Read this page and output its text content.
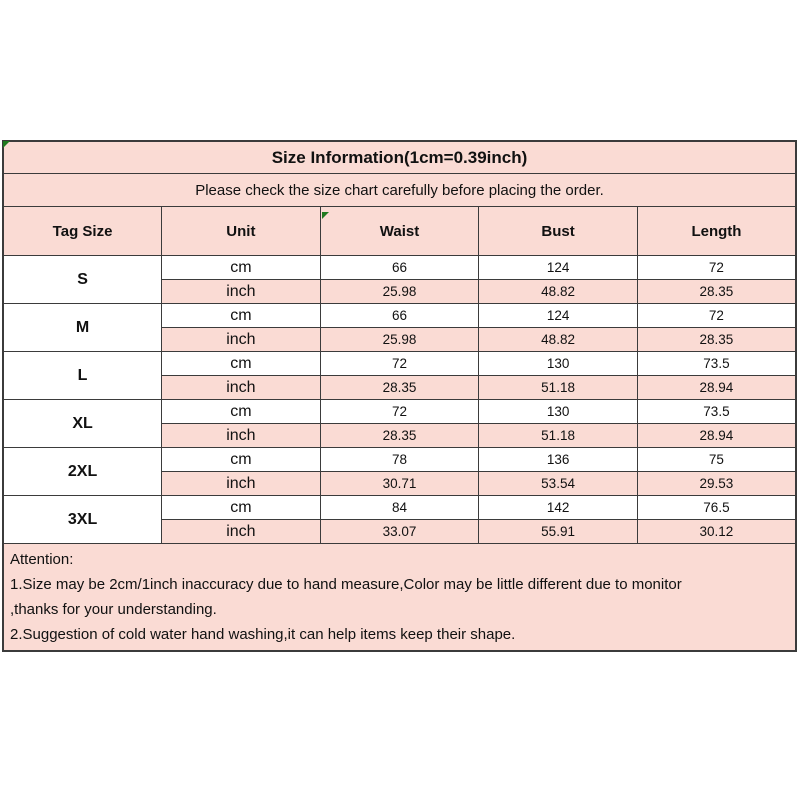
Size Information(1cm=0.39inch)				
Please check the size chart carefully before placing the order.				
Tag Size	Unit	Waist	Bust	Length
S	cm	66	124	72
	inch	25.98	48.82	28.35
M	cm	66	124	72
	inch	25.98	48.82	28.35
L	cm	72	130	73.5
	inch	28.35	51.18	28.94
XL	cm	72	130	73.5
	inch	28.35	51.18	28.94
2XL	cm	78	136	75
	inch	30.71	53.54	29.53
3XL	cm	84	142	76.5
	inch	33.07	55.91	30.12

Attention:
1.Size may be 2cm/1inch inaccuracy due to hand measure,Color may be little different due to monitor
,thanks for your understanding.
2.Suggestion of cold water hand washing,it can help items keep their shape.				
